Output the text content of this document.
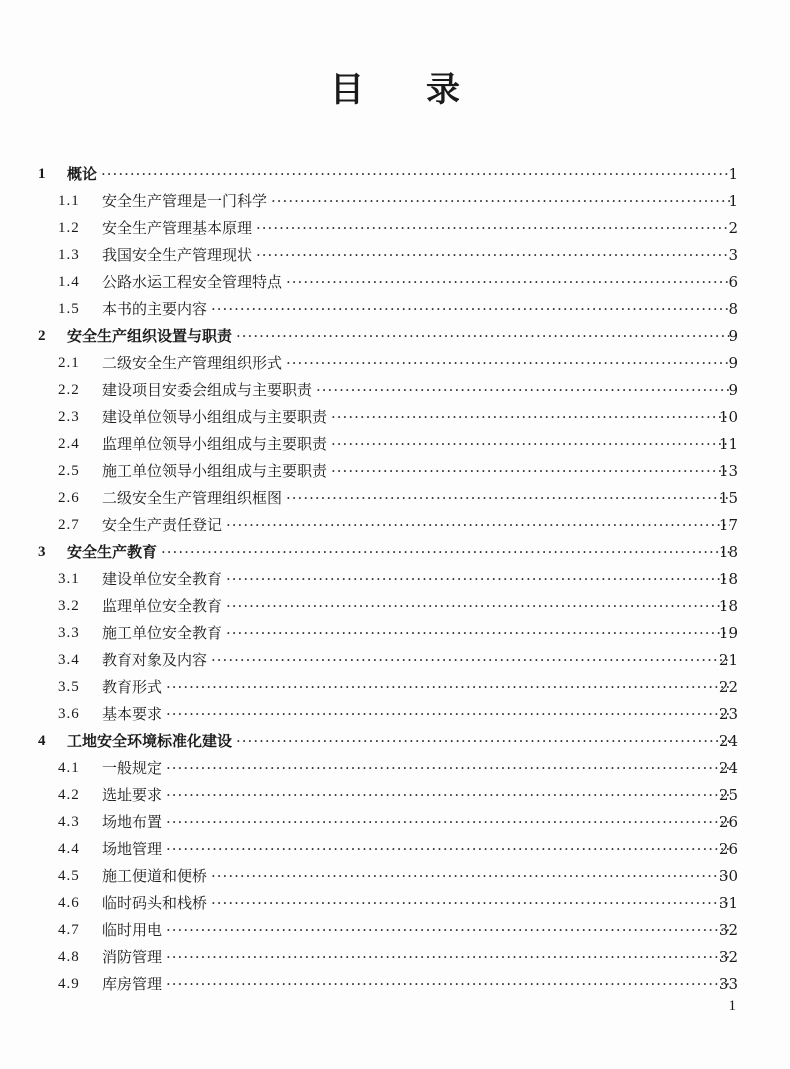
目 录
1 概论 ·····	1
1.1 安全生产管理是一门科学 ·····	1
1.2 安全生产管理基本原理 ·····	2
1.3 我国安全生产管理现状 ·····	3
1.4 公路水运工程安全管理特点 ·····	6
1.5 本书的主要内容 ·····	8
2 安全生产组织设置与职责 ·····	9
2.1 二级安全生产管理组织形式 ·····	9
2.2 建设项目安委会组成与主要职责 ·····	9
2.3 建设单位领导小组组成与主要职责 ·····	10
2.4 监理单位领导小组组成与主要职责 ·····	11
2.5 施工单位领导小组组成与主要职责 ·····	13
2.6 二级安全生产管理组织框图 ·····	15
2.7 安全生产责任登记 ·····	17
3 安全生产教育 ·····	18
3.1 建设单位安全教育 ·····	18
3.2 监理单位安全教育 ·····	18
3.3 施工单位安全教育 ·····	19
3.4 教育对象及内容 ·····	21
3.5 教育形式 ·····	22
3.6 基本要求 ·····	23
4 工地安全环境标准化建设 ·····	24
4.1 一般规定 ·····	24
4.2 选址要求 ·····	25
4.3 场地布置 ·····	26
4.4 场地管理 ·····	26
4.5 施工便道和便桥 ·····	30
4.6 临时码头和栈桥 ·····	31
4.7 临时用电 ·····	32
4.8 消防管理 ·····	32
4.9 库房管理 ·····	33
1
